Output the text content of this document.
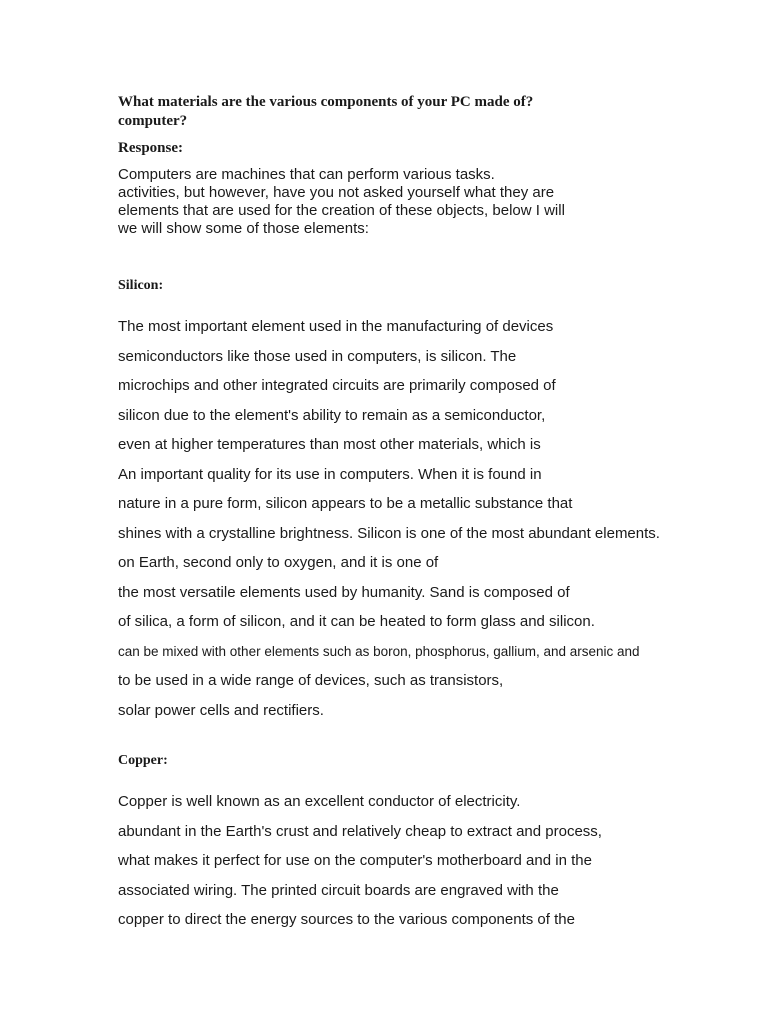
What materials are the various components of your PC made of?

computer?

Response:

Computers are machines that can perform various tasks.
activities, but however, have you not asked yourself what they are
elements that are used for the creation of these objects, below I will
we will show some of those elements:

Silicon:

The most important element used in the manufacturing of devices
semiconductors like those used in computers, is silicon. The
microchips and other integrated circuits are primarily composed of
silicon due to the element's ability to remain as a semiconductor,
even at higher temperatures than most other materials, which is
An important quality for its use in computers. When it is found in
nature in a pure form, silicon appears to be a metallic substance that
shines with a crystalline brightness. Silicon is one of the most abundant elements.
on Earth, second only to oxygen, and it is one of
the most versatile elements used by humanity. Sand is composed of
of silica, a form of silicon, and it can be heated to form glass and silicon.
can be mixed with other elements such as boron, phosphorus, gallium, and arsenic and
to be used in a wide range of devices, such as transistors,
solar power cells and rectifiers.

Copper:

Copper is well known as an excellent conductor of electricity.
abundant in the Earth's crust and relatively cheap to extract and process,
what makes it perfect for use on the computer's motherboard and in the
associated wiring. The printed circuit boards are engraved with the
copper to direct the energy sources to the various components of the
